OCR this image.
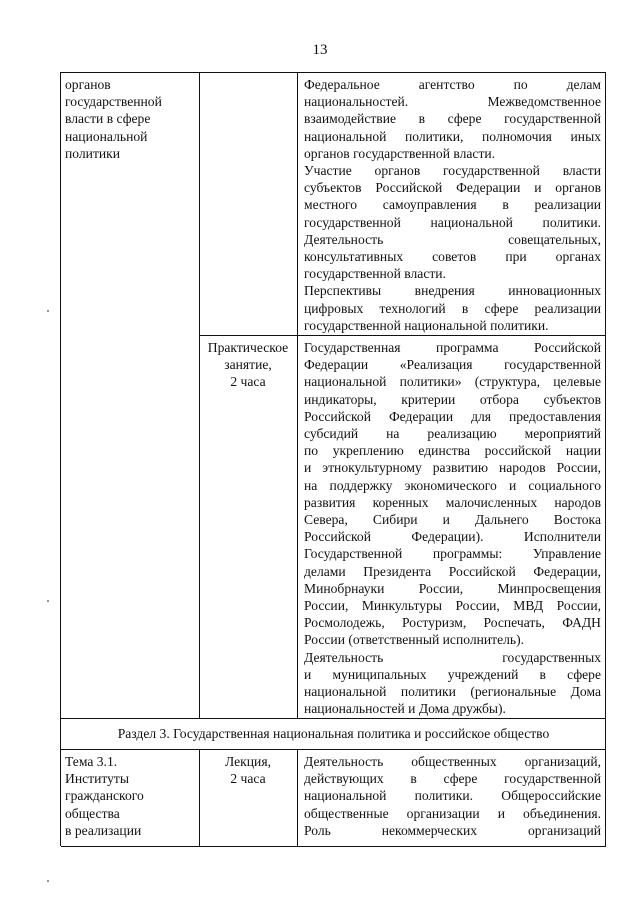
13
органов
государственной
власти в сфере
национальной
политики
Федеральное агентство по делам
национальностей. Межведомственное
взаимодействие в сфере государственной
национальной политики, полномочия иных
органов государственной власти.
Участие органов государственной власти
субъектов Российской Федерации и органов
местного самоуправления в реализации
государственной национальной политики.
Деятельность совещательных,
консультативных советов при органах
государственной власти.
Перспективы внедрения инновационных
цифровых технологий в сфере реализации
государственной национальной политики.
Практическое
занятие,
2 часа
Государственная программа Российской
Федерации «Реализация государственной
национальной политики» (структура, целевые
индикаторы, критерии отбора субъектов
Российской Федерации для предоставления
субсидий на реализацию мероприятий
по укреплению единства российской нации
и этнокультурному развитию народов России,
на поддержку экономического и социального
развития коренных малочисленных народов
Севера, Сибири и Дальнего Востока
Российской Федерации). Исполнители
Государственной программы: Управление
делами Президента Российской Федерации,
Минобрнауки России, Минпросвещения
России, Минкультуры России, МВД России,
Росмолодежь, Ростуризм, Роспечать, ФАДН
России (ответственный исполнитель).
Деятельность государственных
и муниципальных учреждений в сфере
национальной политики (региональные Дома
национальностей и Дома дружбы).
Раздел 3. Государственная национальная политика и российское общество
Тема 3.1.
Институты
гражданского
общества
в реализации
Лекция,
2 часа
Деятельность общественных организаций,
действующих в сфере государственной
национальной политики. Общероссийские
общественные организации и объединения.
Роль некоммерческих организаций
